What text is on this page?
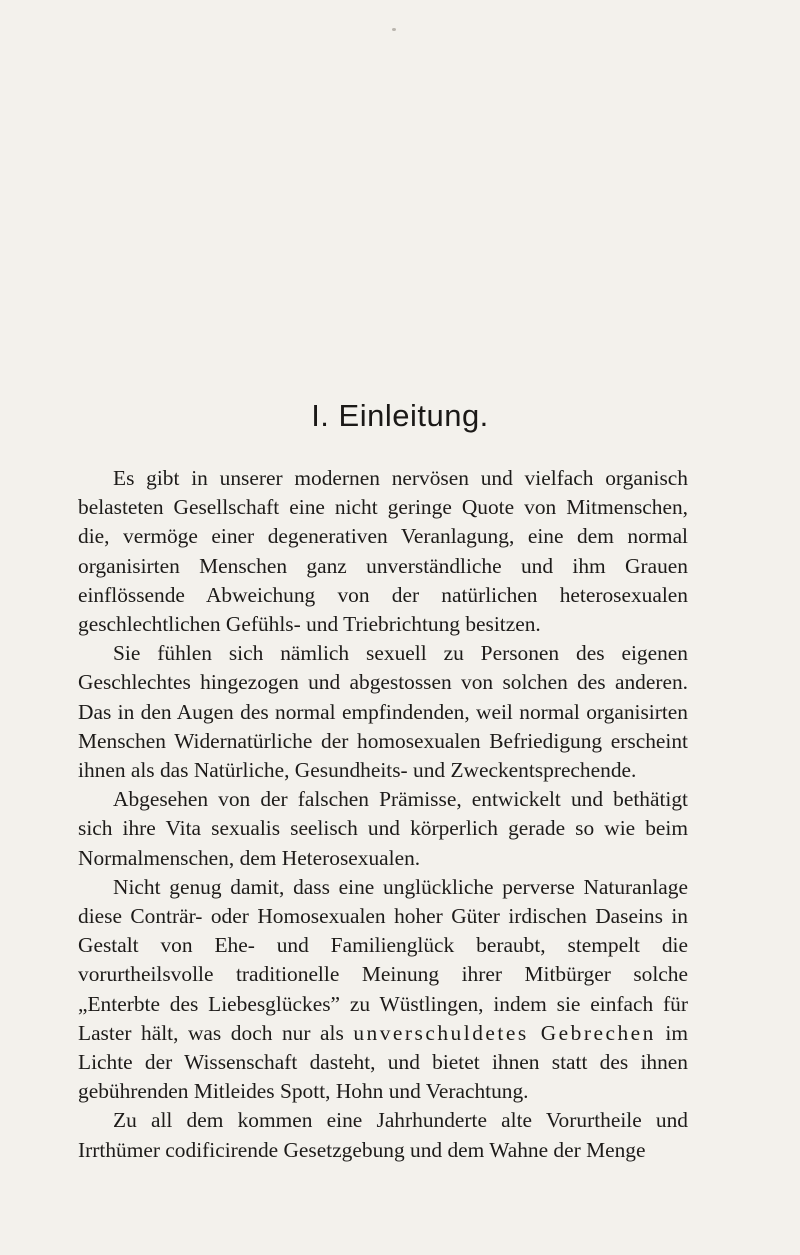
I. Einleitung.

Es gibt in unserer modernen nervösen und vielfach organisch belasteten Gesellschaft eine nicht geringe Quote von Mitmenschen, die, vermöge einer degenerativen Veranlagung, eine dem normal organisirten Menschen ganz unverständliche und ihm Grauen einflössende Abweichung von der natürlichen heterosexualen geschlechtlichen Gefühls- und Triebrichtung besitzen.

Sie fühlen sich nämlich sexuell zu Personen des eigenen Geschlechtes hingezogen und abgestossen von solchen des anderen. Das in den Augen des normal empfindenden, weil normal organisirten Menschen Widernatürliche der homosexualen Befriedigung erscheint ihnen als das Natürliche, Gesundheits- und Zweckentsprechende.

Abgesehen von der falschen Prämisse, entwickelt und bethätigt sich ihre Vita sexualis seelisch und körperlich gerade so wie beim Normalmenschen, dem Heterosexualen.

Nicht genug damit, dass eine unglückliche perverse Naturanlage diese Conträr- oder Homosexualen hoher Güter irdischen Daseins in Gestalt von Ehe- und Familienglück beraubt, stempelt die vorurtheilsvolle traditionelle Meinung ihrer Mitbürger solche „Enterbte des Liebesglückes” zu Wüstlingen, indem sie einfach für Laster hält, was doch nur als unverschuldetes Gebrechen im Lichte der Wissenschaft dasteht, und bietet ihnen statt des ihnen gebührenden Mitleides Spott, Hohn und Verachtung.

Zu all dem kommen eine Jahrhunderte alte Vorurtheile und Irrthümer codificirende Gesetzgebung und dem Wahne der Menge
